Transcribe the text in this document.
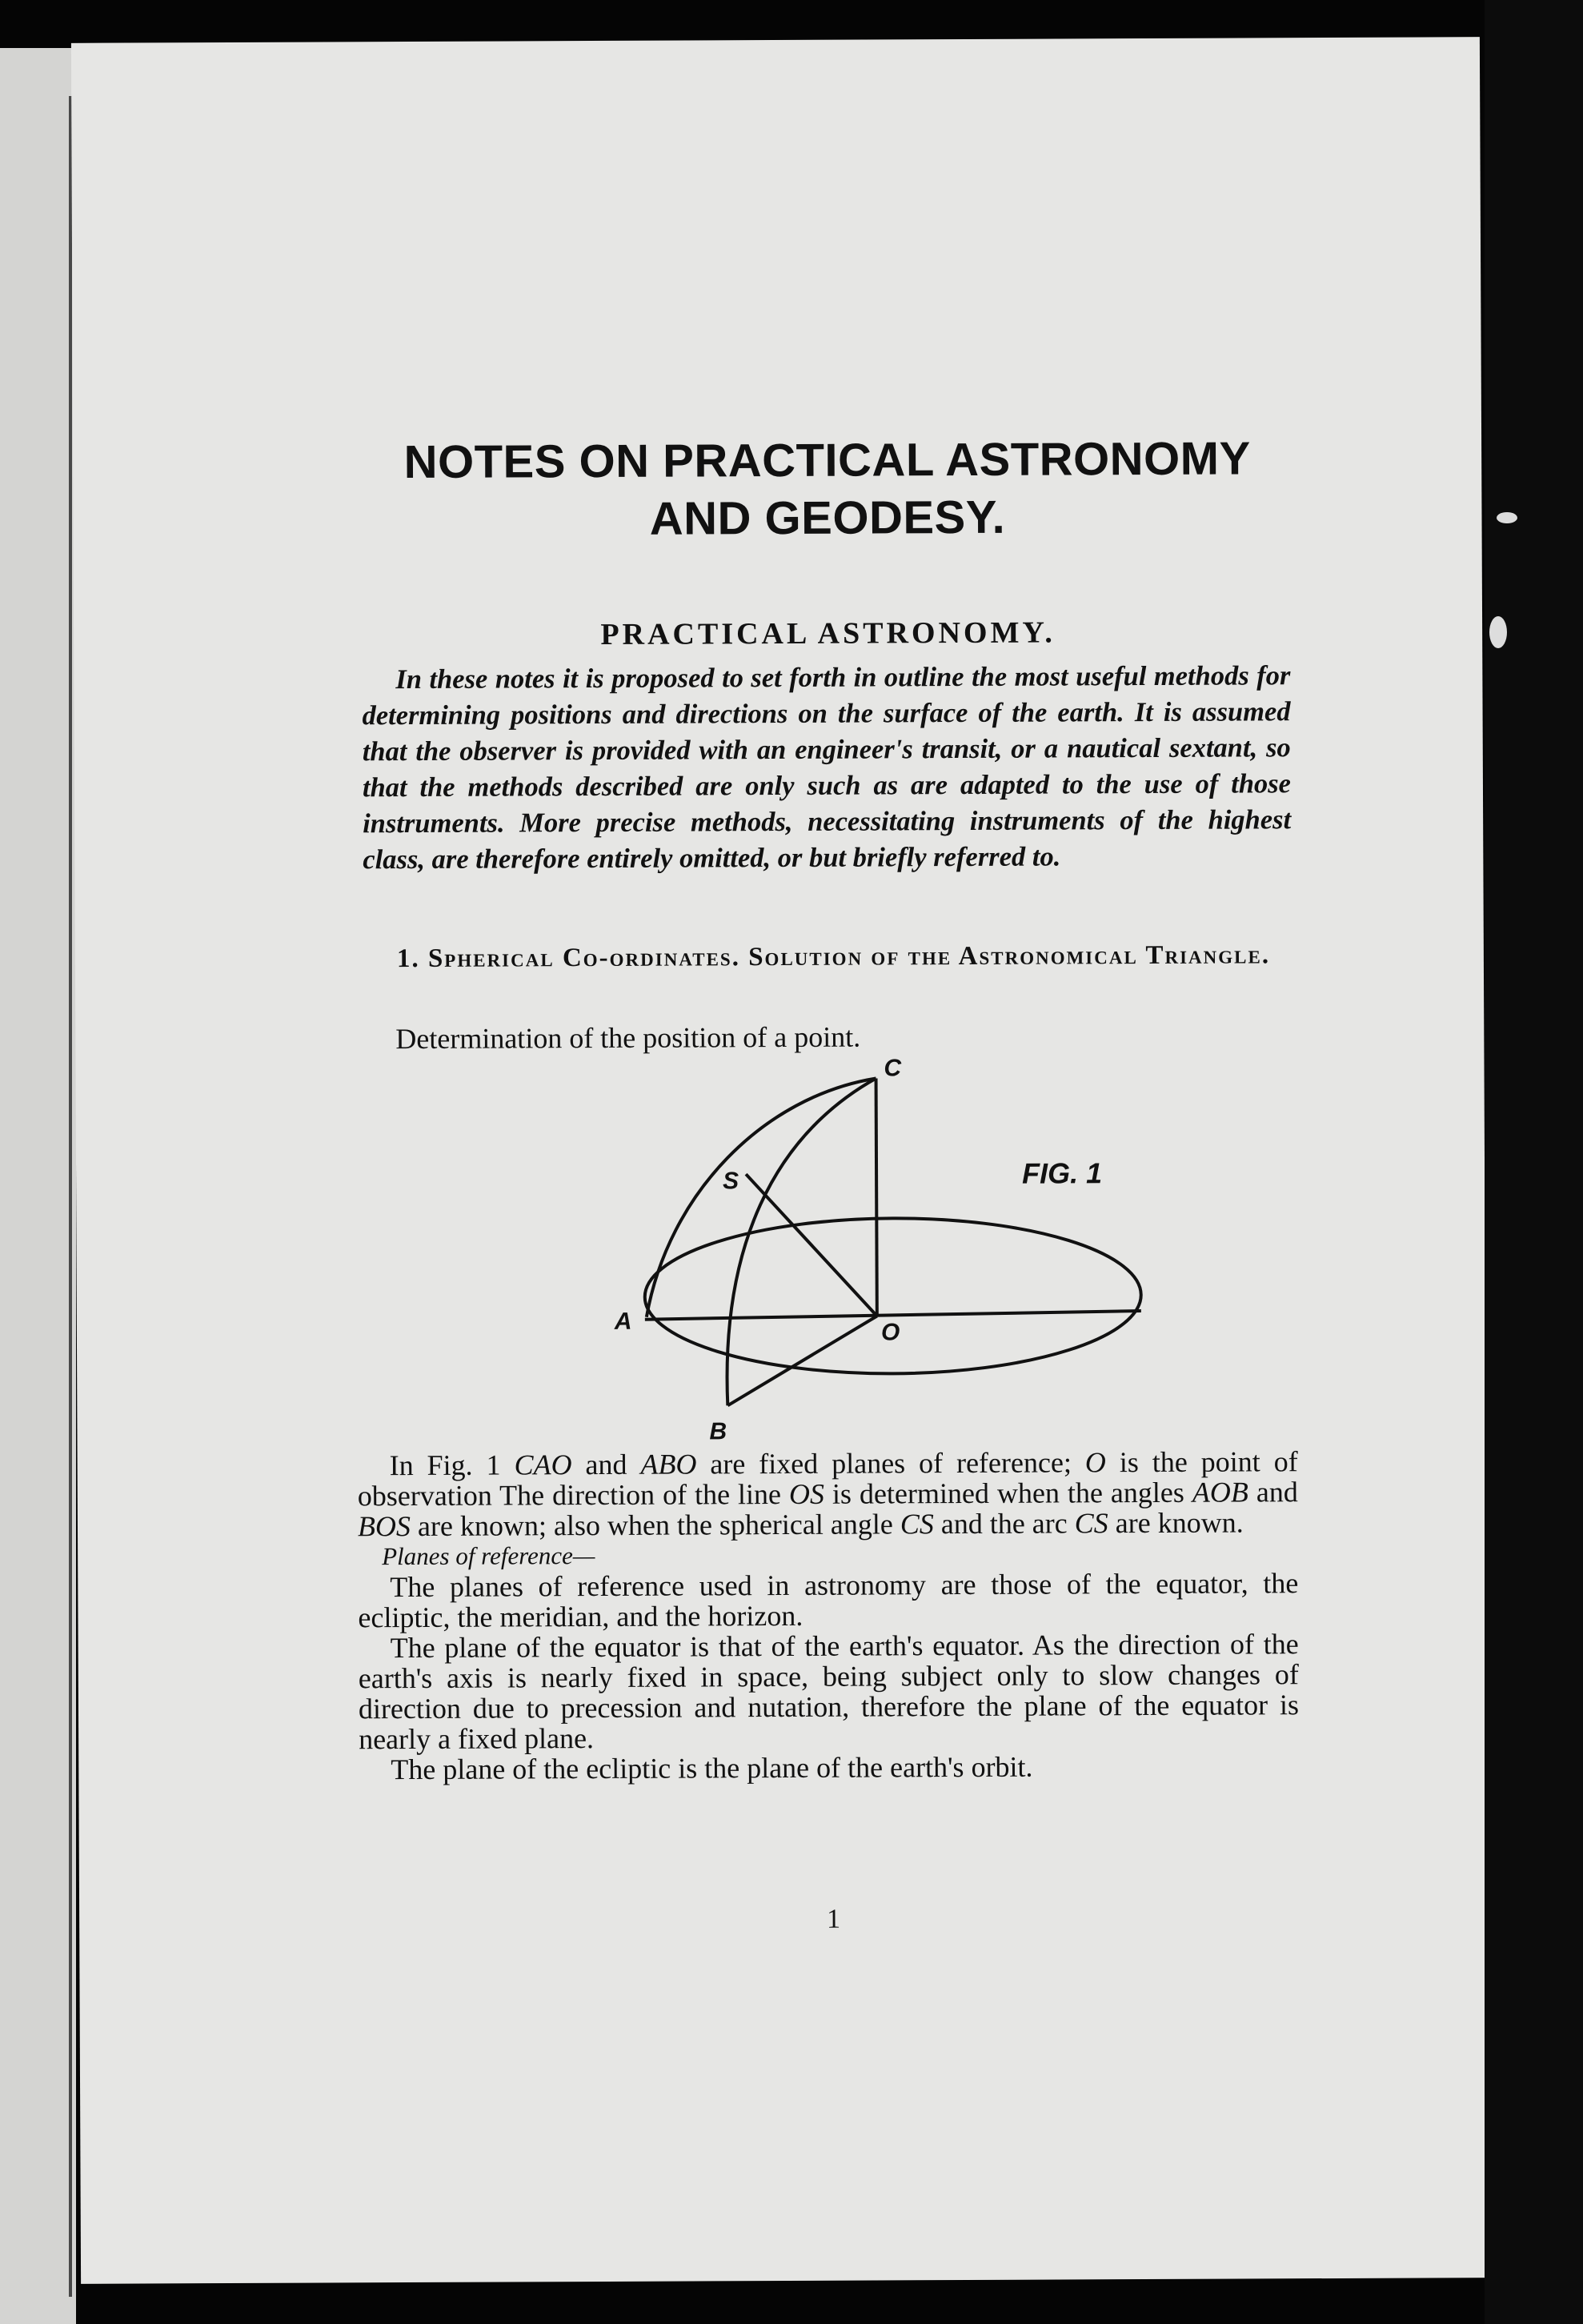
NOTES ON PRACTICAL ASTRONOMY
AND GEODESY.
PRACTICAL ASTRONOMY.
In these notes it is proposed to set forth in outline the most useful methods for determining positions and directions on the surface of the earth. It is assumed that the observer is provided with an engineer's transit, or a nautical sextant, so that the methods described are only such as are adapted to the use of those instruments. More precise methods, necessitating instruments of the highest class, are therefore entirely omitted, or but briefly referred to.
1. Spherical Co-ordinates. Solution of the Astronomical Triangle.
Determination of the position of a point.
C
S
A	O
B
FIG. 1

In Fig. 1 CAO and ABO are fixed planes of reference; O is the point of observation The direction of the line OS is determined when the angles AOB and BOS are known; also when the spherical angle CS and the arc CS are known.

Planes of reference—

The planes of reference used in astronomy are those of the equator, the ecliptic, the meridian, and the horizon.

The plane of the equator is that of the earth's equator. As the direction of the earth's axis is nearly fixed in space, being subject only to slow changes of direction due to precession and nutation, therefore the plane of the equator is nearly a fixed plane.

The plane of the ecliptic is the plane of the earth's orbit.

1
